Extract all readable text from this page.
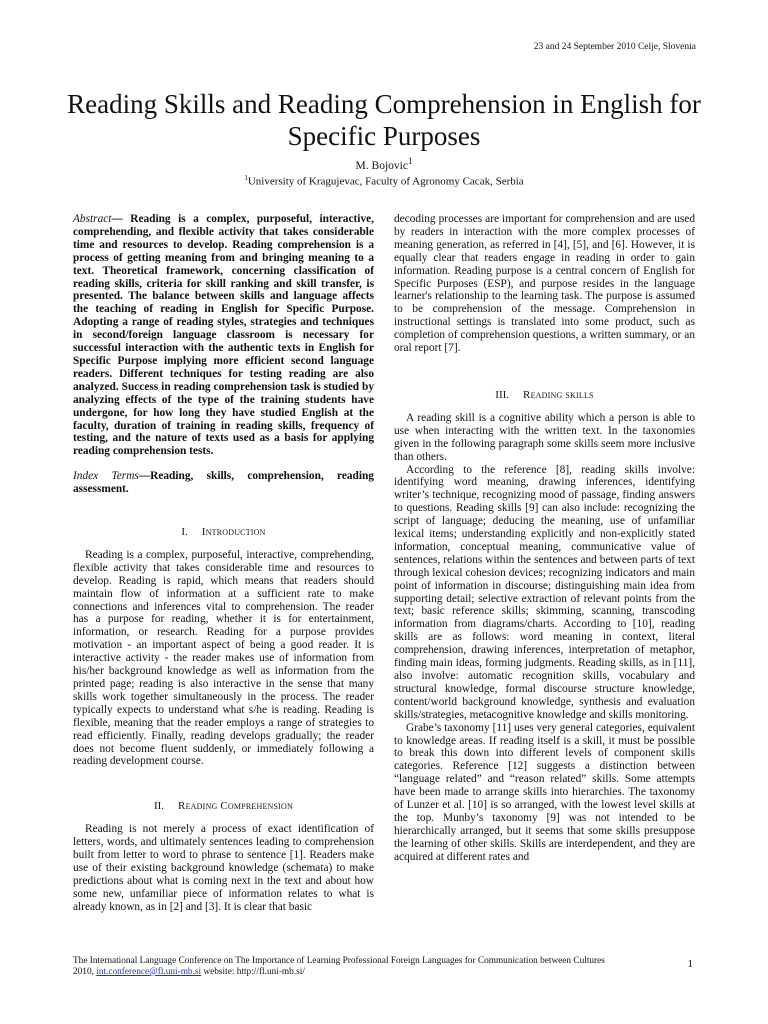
23 and 24 September 2010 Celje, Slovenia
Reading Skills and Reading Comprehension in English for Specific Purposes
M. Bojovic$^1$
$^1$University of Kragujevac, Faculty of Agronomy Cacak, Serbia

Abstract— Reading is a complex, purposeful, interactive, comprehending, and flexible activity that takes considerable time and resources to develop. Reading comprehension is a process of getting meaning from and bringing meaning to a text. Theoretical framework, concerning classification of reading skills, criteria for skill ranking and skill transfer, is presented. The balance between skills and language affects the teaching of reading in English for Specific Purpose. Adopting a range of reading styles, strategies and techniques in second/foreign language classroom is necessary for successful interaction with the authentic texts in English for Specific Purpose implying more efficient second language readers. Different techniques for testing reading are also analyzed. Success in reading comprehension task is studied by analyzing effects of the type of the training students have undergone, for how long they have studied English at the faculty, duration of training in reading skills, frequency of testing, and the nature of texts used as a basis for applying reading comprehension tests.

Index Terms—Reading, skills, comprehension, reading assessment.

I. Introduction

Reading is a complex, purposeful, interactive, comprehending, flexible activity that takes considerable time and resources to develop. Reading is rapid, which means that readers should maintain flow of information at a sufficient rate to make connections and inferences vital to comprehension. The reader has a purpose for reading, whether it is for entertainment, information, or research. Reading for a purpose provides motivation - an important aspect of being a good reader. It is interactive activity - the reader makes use of information from his/her background knowledge as well as information from the printed page; reading is also interactive in the sense that many skills work together simultaneously in the process. The reader typically expects to understand what s/he is reading. Reading is flexible, meaning that the reader employs a range of strategies to read efficiently. Finally, reading develops gradually; the reader does not become fluent suddenly, or immediately following a reading development course.

II. Reading Comprehension

Reading is not merely a process of exact identification of letters, words, and ultimately sentences leading to comprehension built from letter to word to phrase to sentence [1]. Readers make use of their existing background knowledge (schemata) to make predictions about what is coming next in the text and about how some new, unfamiliar piece of information relates to what is already known, as in [2] and [3]. It is clear that basic

decoding processes are important for comprehension and are used by readers in interaction with the more complex processes of meaning generation, as referred in [4], [5], and [6]. However, it is equally clear that readers engage in reading in order to gain information. Reading purpose is a central concern of English for Specific Purposes (ESP), and purpose resides in the language learner's relationship to the learning task. The purpose is assumed to be comprehension of the message. Comprehension in instructional settings is translated into some product, such as completion of comprehension questions, a written summary, or an oral report [7].

III. Reading skills

A reading skill is a cognitive ability which a person is able to use when interacting with the written text. In the taxonomies given in the following paragraph some skills seem more inclusive than others.

According to the reference [8], reading skills involve: identifying word meaning, drawing inferences, identifying writer’s technique, recognizing mood of passage, finding answers to questions. Reading skills [9] can also include: recognizing the script of language; deducing the meaning, use of unfamiliar lexical items; understanding explicitly and non-explicitly stated information, conceptual meaning, communicative value of sentences, relations within the sentences and between parts of text through lexical cohesion devices; recognizing indicators and main point of information in discourse; distinguishing main idea from supporting detail; selective extraction of relevant points from the text; basic reference skills; skimming, scanning, transcoding information from diagrams/charts. According to [10], reading skills are as follows: word meaning in context, literal comprehension, drawing inferences, interpretation of metaphor, finding main ideas, forming judgments. Reading skills, as in [11], also involve: automatic recognition skills, vocabulary and structural knowledge, formal discourse structure knowledge, content/world background knowledge, synthesis and evaluation skills/strategies, metacognitive knowledge and skills monitoring.

Grabe’s taxonomy [11] uses very general categories, equivalent to knowledge areas. If reading itself is a skill, it must be possible to break this down into different levels of component skills categories. Reference [12] suggests a distinction between “language related” and “reason related” skills. Some attempts have been made to arrange skills into hierarchies. The taxonomy of Lunzer et al. [10] is so arranged, with the lowest level skills at the top. Munby’s taxonomy [9] was not intended to be hierarchically arranged, but it seems that some skills presuppose the learning of other skills. Skills are interdependent, and they are acquired at different rates and

The International Language Conference on The Importance of Learning Professional Foreign Languages for Communication between Cultures
2010, int.conference@fl.uni-mb.si website: http://fl.uni-mb.si/
1
